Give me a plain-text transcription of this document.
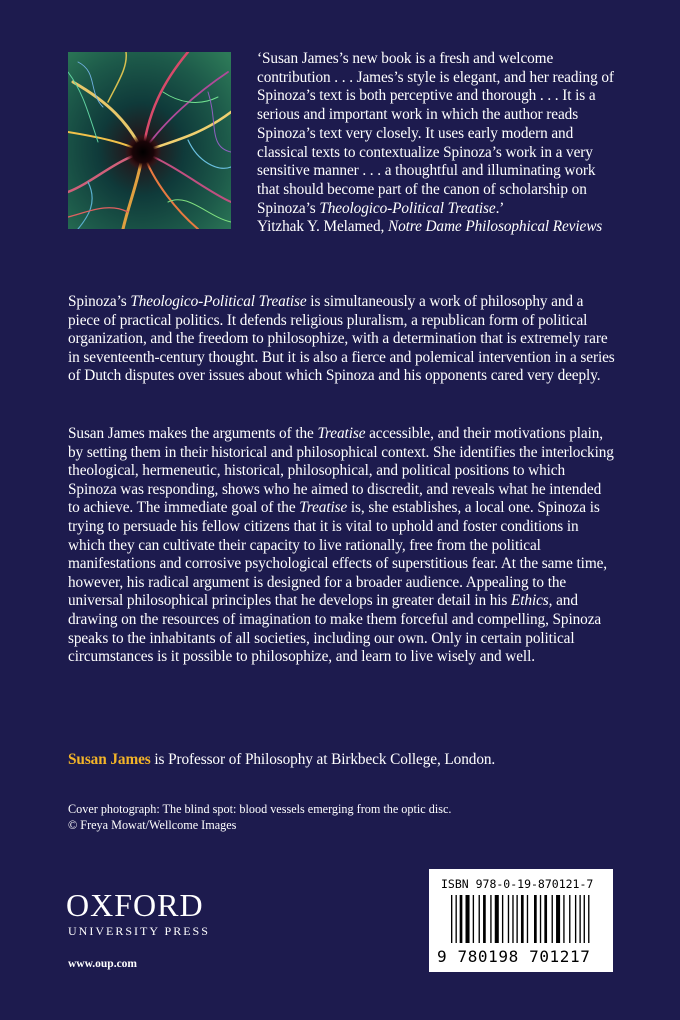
‘Susan James’s new book is a fresh and welcome contribution . . . James’s style is elegant, and her reading of Spinoza’s text is both perceptive and thorough . . . It is a serious and important work in which the author reads Spinoza’s text very closely. It uses early modern and classical texts to contextualize Spinoza’s work in a very sensitive manner . . . a thoughtful and illuminating work that should become part of the canon of scholarship on Spinoza’s Theologico-Political Treatise.’

Yitzhak Y. Melamed, Notre Dame Philosophical Reviews

Spinoza’s Theologico-Political Treatise is simultaneously a work of philosophy and a piece of practical politics. It defends religious pluralism, a republican form of political organization, and the freedom to philosophize, with a determination that is extremely rare in seventeenth-century thought. But it is also a fierce and polemical intervention in a series of Dutch disputes over issues about which Spinoza and his opponents cared very deeply.

Susan James makes the arguments of the Treatise accessible, and their motivations plain, by setting them in their historical and philosophical context. She identifies the interlocking theological, hermeneutic, historical, philosophical, and political positions to which Spinoza was responding, shows who he aimed to discredit, and reveals what he intended to achieve. The immediate goal of the Treatise is, she establishes, a local one. Spinoza is trying to persuade his fellow citizens that it is vital to uphold and foster conditions in which they can cultivate their capacity to live rationally, free from the political manifestations and corrosive psychological effects of superstitious fear. At the same time, however, his radical argument is designed for a broader audience. Appealing to the universal philosophical principles that he develops in greater detail in his Ethics, and drawing on the resources of imagination to make them forceful and compelling, Spinoza speaks to the inhabitants of all societies, including our own. Only in certain political circumstances is it possible to philosophize, and learn to live wisely and well.

Susan James is Professor of Philosophy at Birkbeck College, London.

Cover photograph: The blind spot: blood vessels emerging from the optic disc.

© Freya Mowat/Wellcome Images

OXFORD
UNIVERSITY PRESS
www.oup.com
ISBN 978-0-19-870121-7
9 780198 701217
